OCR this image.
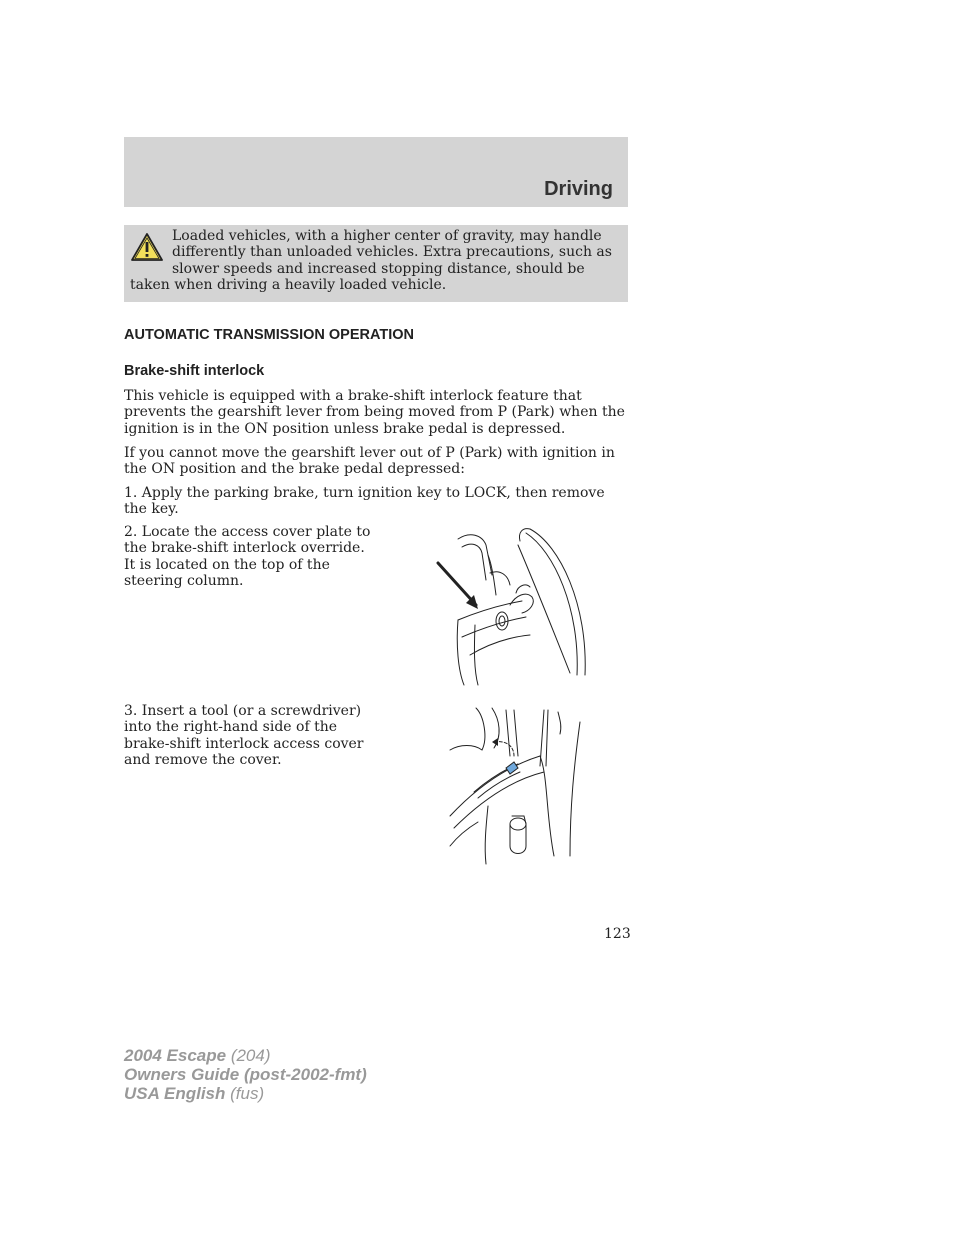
Driving
Loaded vehicles, with a higher center of gravity, may handle differently than unloaded vehicles. Extra precautions, such as slower speeds and increased stopping distance, should be taken when driving a heavily loaded vehicle.
AUTOMATIC TRANSMISSION OPERATION
Brake-shift interlock

This vehicle is equipped with a brake-shift interlock feature that prevents the gearshift lever from being moved from P (Park) when the ignition is in the ON position unless brake pedal is depressed.

If you cannot move the gearshift lever out of P (Park) with ignition in the ON position and the brake pedal depressed:

1. Apply the parking brake, turn ignition key to LOCK, then remove the key.

2. Locate the access cover plate to the brake-shift interlock override. It is located on the top of the steering column.

3. Insert a tool (or a screwdriver) into the right-hand side of the brake-shift interlock access cover and remove the cover.

123
2004 Escape (204)
Owners Guide (post-2002-fmt)
USA English (fus)
